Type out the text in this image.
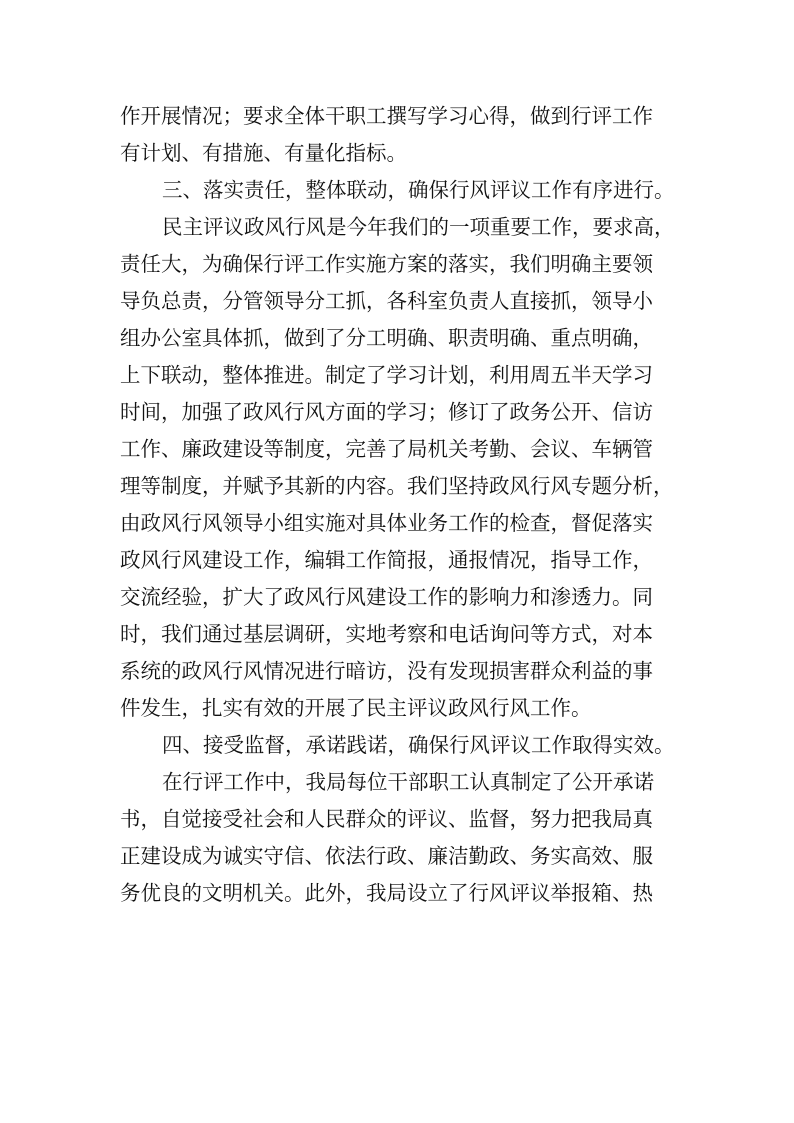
作开展情况；要求全体干职工撰写学习心得，做到行评工作
有计划、有措施、有量化指标。
三、落实责任，整体联动，确保行风评议工作有序进行。
民主评议政风行风是今年我们的一项重要工作，要求高，
责任大，为确保行评工作实施方案的落实，我们明确主要领
导负总责，分管领导分工抓，各科室负责人直接抓，领导小
组办公室具体抓，做到了分工明确、职责明确、重点明确，
上下联动，整体推进。制定了学习计划，利用周五半天学习
时间，加强了政风行风方面的学习；修订了政务公开、信访
工作、廉政建设等制度，完善了局机关考勤、会议、车辆管
理等制度，并赋予其新的内容。我们坚持政风行风专题分析，
由政风行风领导小组实施对具体业务工作的检查，督促落实
政风行风建设工作，编辑工作简报，通报情况，指导工作，
交流经验，扩大了政风行风建设工作的影响力和渗透力。同
时，我们通过基层调研，实地考察和电话询问等方式，对本
系统的政风行风情况进行暗访，没有发现损害群众利益的事
件发生，扎实有效的开展了民主评议政风行风工作。
四、接受监督，承诺践诺，确保行风评议工作取得实效。
在行评工作中，我局每位干部职工认真制定了公开承诺
书，自觉接受社会和人民群众的评议、监督，努力把我局真
正建设成为诚实守信、依法行政、廉洁勤政、务实高效、服
务优良的文明机关。此外，我局设立了行风评议举报箱、热
